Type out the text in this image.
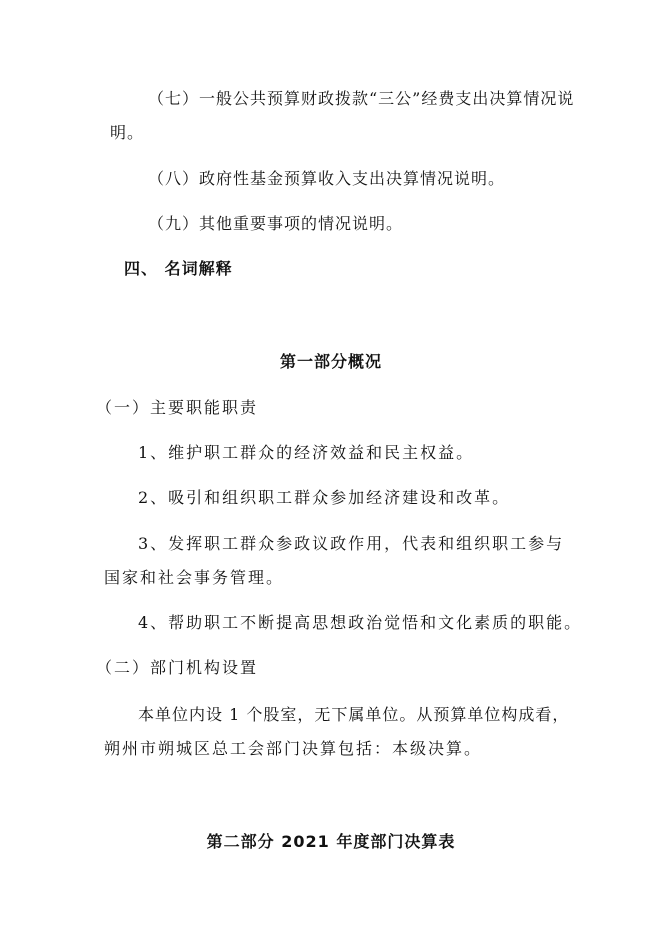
（七）一般公共预算财政拨款“三公”经费支出决算情况说
明。
（八）政府性基金预算收入支出决算情况说明。
（九）其他重要事项的情况说明。
四、 名词解释
第一部分概况
（一）主要职能职责
1、维护职工群众的经济效益和民主权益。
2、吸引和组织职工群众参加经济建设和改革。
3、发挥职工群众参政议政作用，代表和组织职工参与
国家和社会事务管理。
4、帮助职工不断提高思想政治觉悟和文化素质的职能。
（二）部门机构设置
本单位内设 1 个股室，无下属单位。从预算单位构成看，
朔州市朔城区总工会部门决算包括：本级决算。
第二部分 2021 年度部门决算表
